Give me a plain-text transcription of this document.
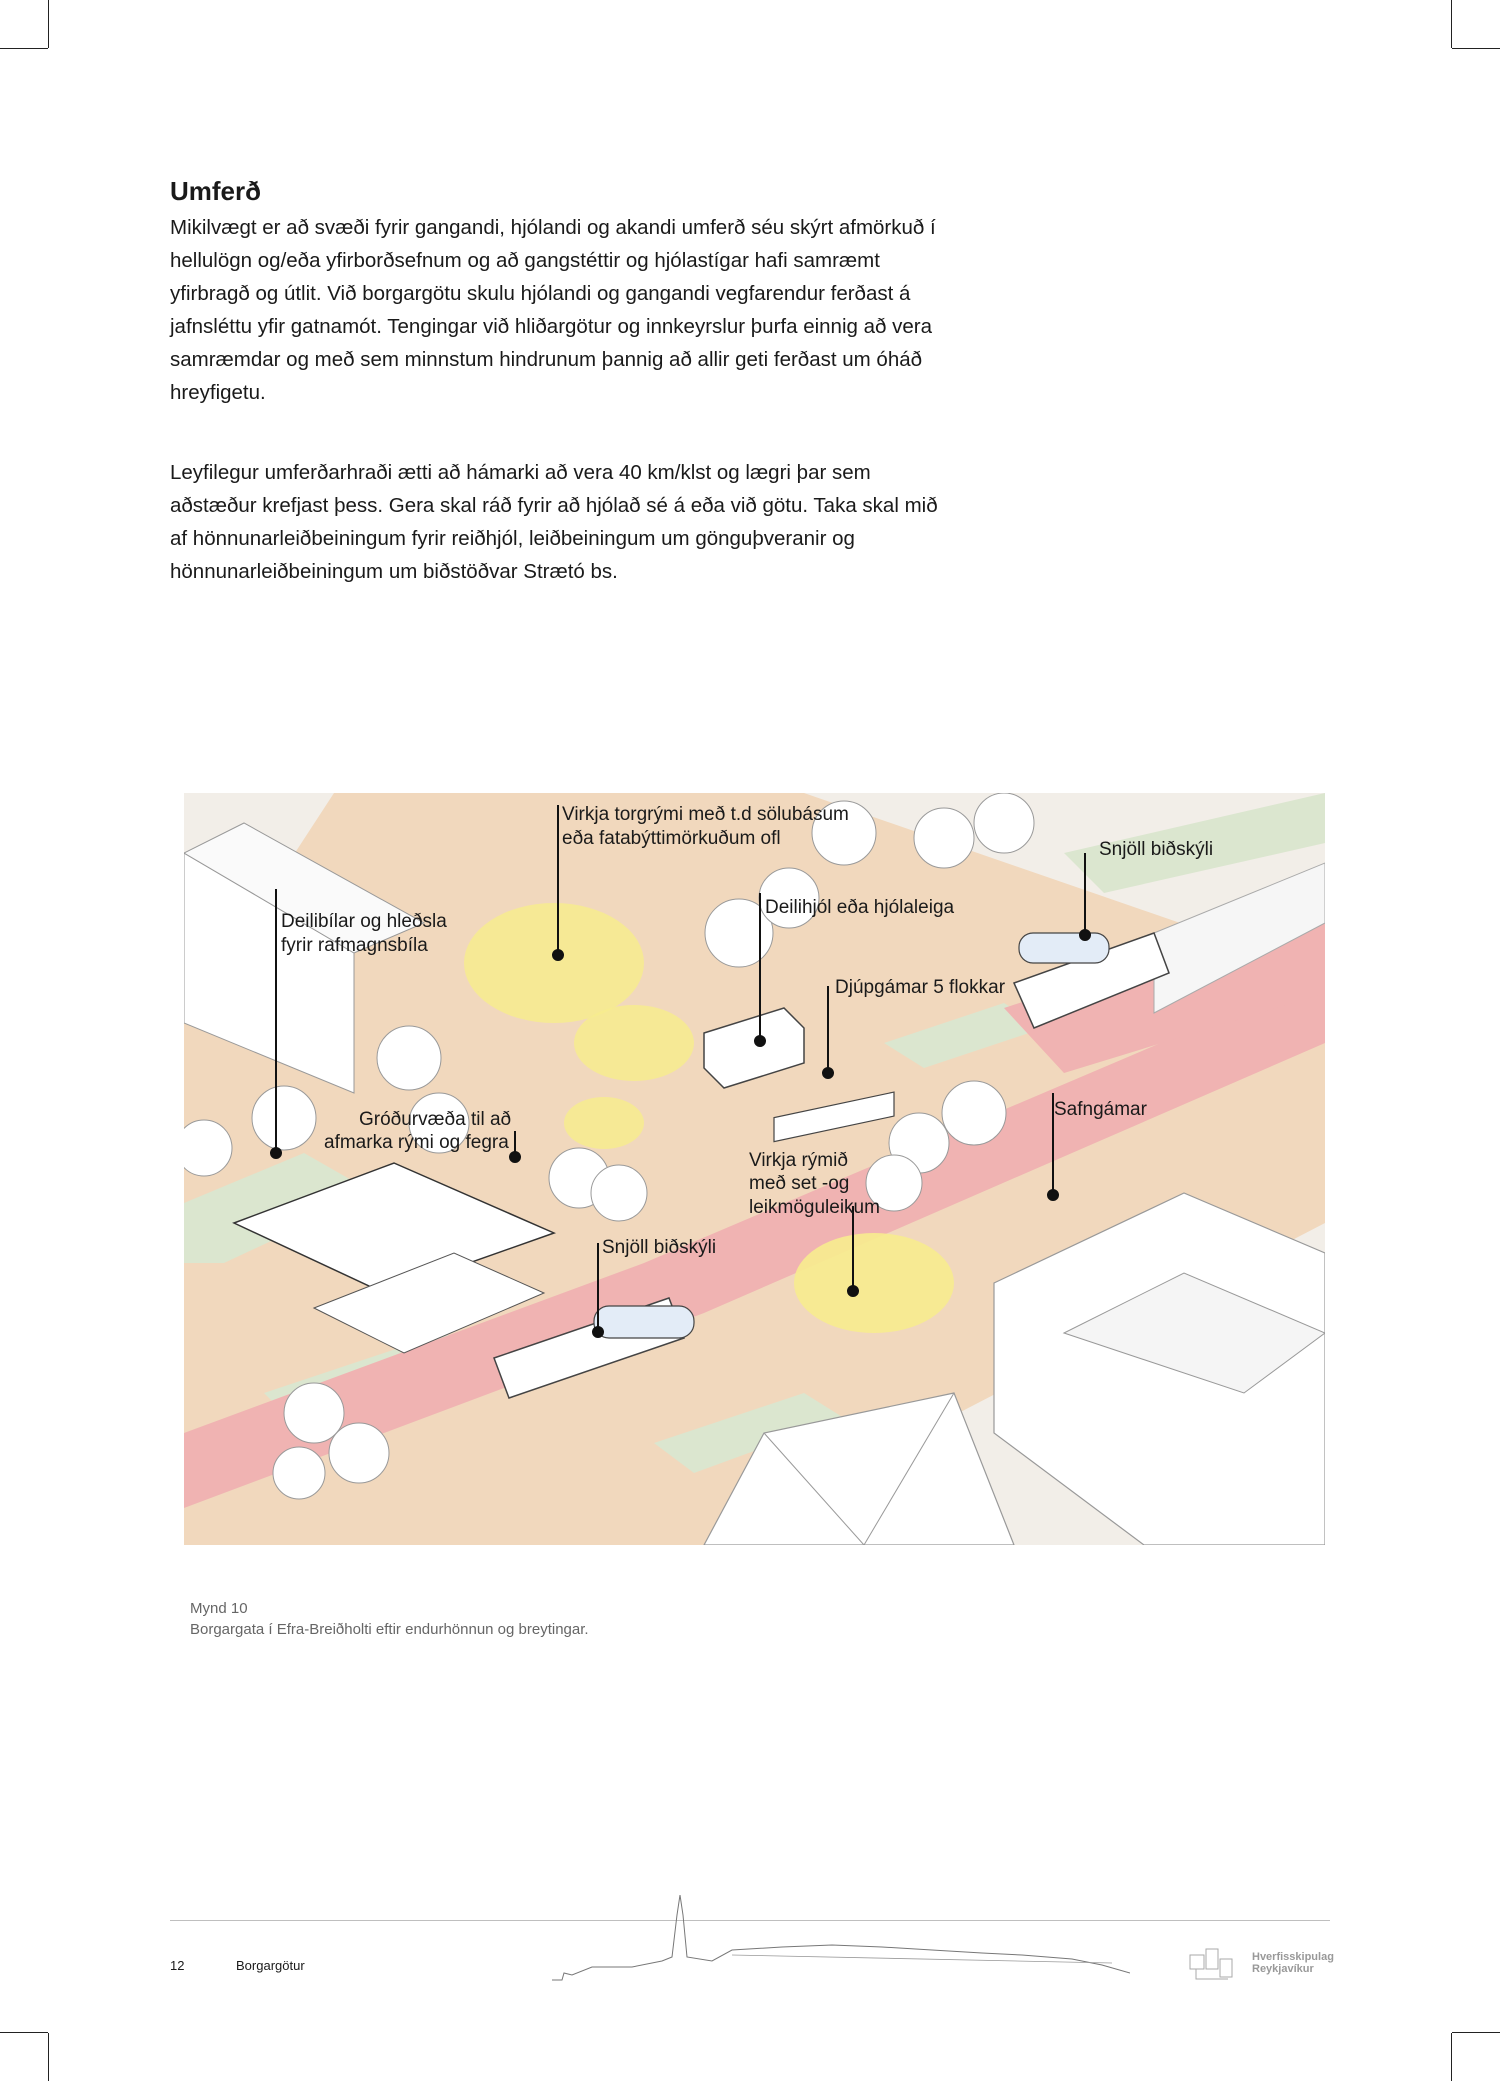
Umferð

Mikilvægt er að svæði fyrir gangandi, hjólandi og akandi umferð séu skýrt afmörkuð í hellulögn og/eða yfirborðsefnum og að gangstéttir og hjólastígar hafi samræmt yfirbragð og útlit. Við borgargötu skulu hjólandi og gangandi vegfarendur ferðast á jafnsléttu yfir gatnamót. Tengingar við hliðargötur og innkeyrslur þurfa einnig að vera samræmdar og með sem minnstum hindrunum þannig að allir geti ferðast um óháð hreyfigetu.

Leyfilegur umferðarhraði ætti að hámarki að vera 40 km/klst og lægri þar sem aðstæður krefjast þess. Gera skal ráð fyrir að hjólað sé á eða við götu. Taka skal mið af hönnunarleiðbeiningum fyrir reiðhjól, leiðbeiningum um gönguþveranir og hönnunarleiðbeiningum um biðstöðvar Strætó bs.

Virkja torgrými með t.d sölubásum
eða fatabýttimörkuðum ofl
Snjöll biðskýli
Deilihjól eða hjólaleiga
Deilibílar og hleðsla
fyrir rafmagnsbíla
Djúpgámar 5 flokkar
Safngámar
Gróðurvæða til að
afmarka rými og fegra
Virkja rýmið
með set -og
leikmöguleikum
Snjöll biðskýli
Mynd 10
Borgargata í Efra-Breiðholti eftir endurhönnun og breytingar.
12	Borgargötur
Hverfisskipulag
Reykjavíkur
